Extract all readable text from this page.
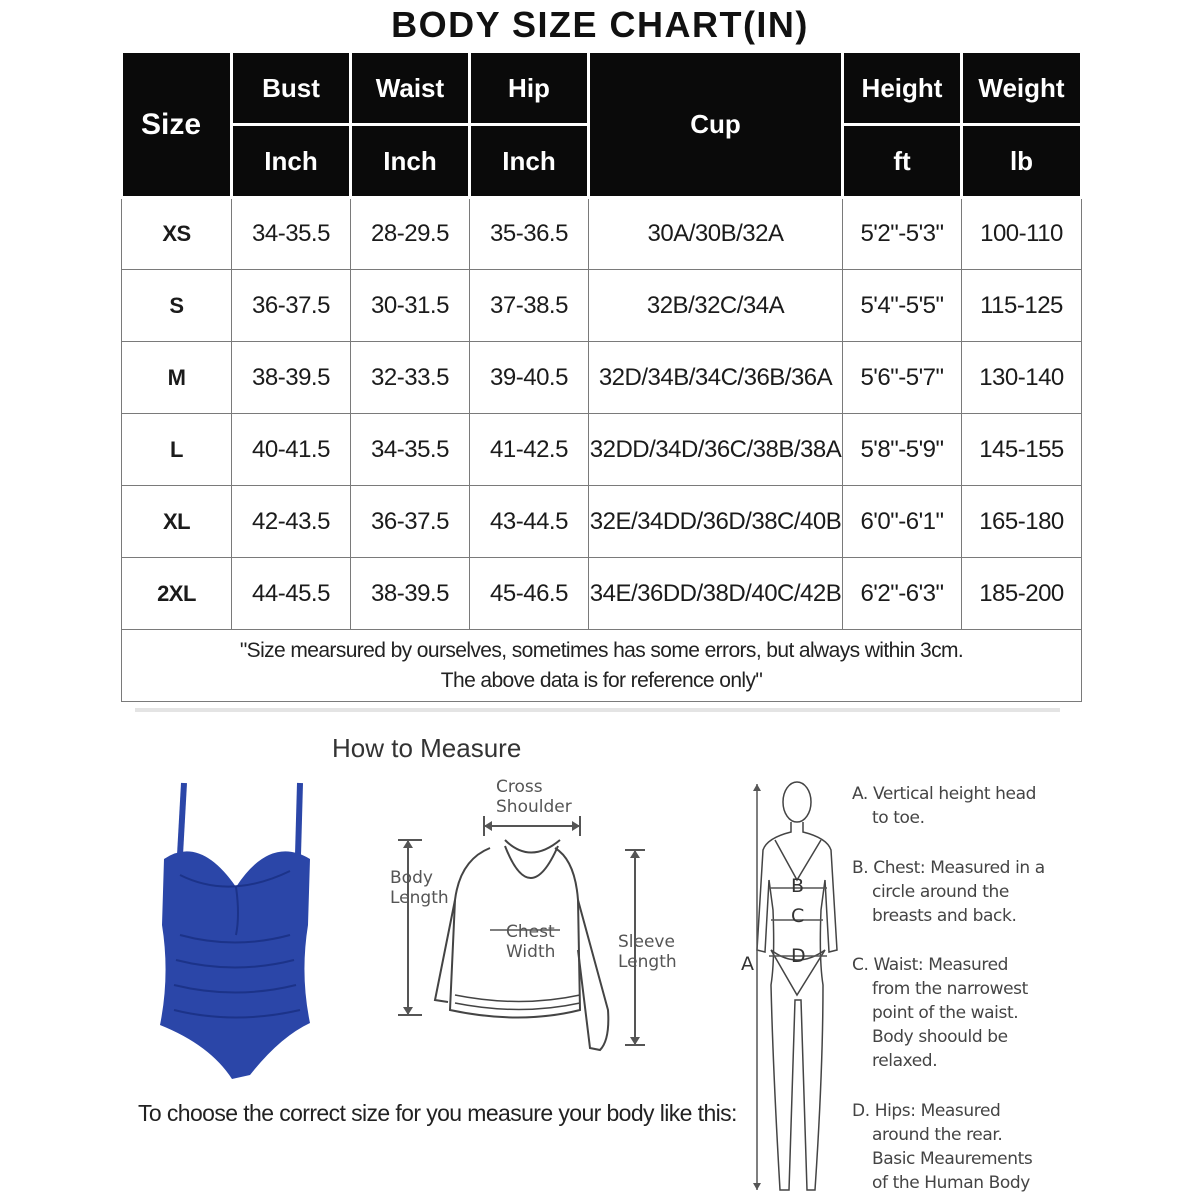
BODY SIZE CHART(IN)
Size	Bust	Waist	Hip	Cup	Height	Weight
	Inch	Inch	Inch		ft	lb
XS	34-35.5	28-29.5	35-36.5	30A/30B/32A	5'2"-5'3"	100-110
S	36-37.5	30-31.5	37-38.5	32B/32C/34A	5'4"-5'5"	115-125
M	38-39.5	32-33.5	39-40.5	32D/34B/34C/36B/36A	5'6"-5'7"	130-140
L	40-41.5	34-35.5	41-42.5	32DD/34D/36C/38B/38A	5'8"-5'9"	145-155
XL	42-43.5	36-37.5	43-44.5	32E/34DD/36D/38C/40B	6'0"-6'1"	165-180
2XL	44-45.5	38-39.5	45-46.5	34E/36DD/38D/40C/42B	6'2"-6'3"	185-200
"Size mearsured by ourselves, sometimes has some errors, but always within 3cm.
The above data is for reference only"						
How to Measure
Cross
Shoulder
Body
Length
Chest
Width	Sleeve
Length
To choose the correct size for you measure your body like this:
B
C
D
A
A. Vertical height head
to toe.
B. Chest: Measured in a
circle around the
breasts and back.
C. Waist: Measured
from the narrowest
point of the waist.
Body shoould be
relaxed.
D. Hips: Measured
around the rear.
Basic Meaurements
of the Human Body
